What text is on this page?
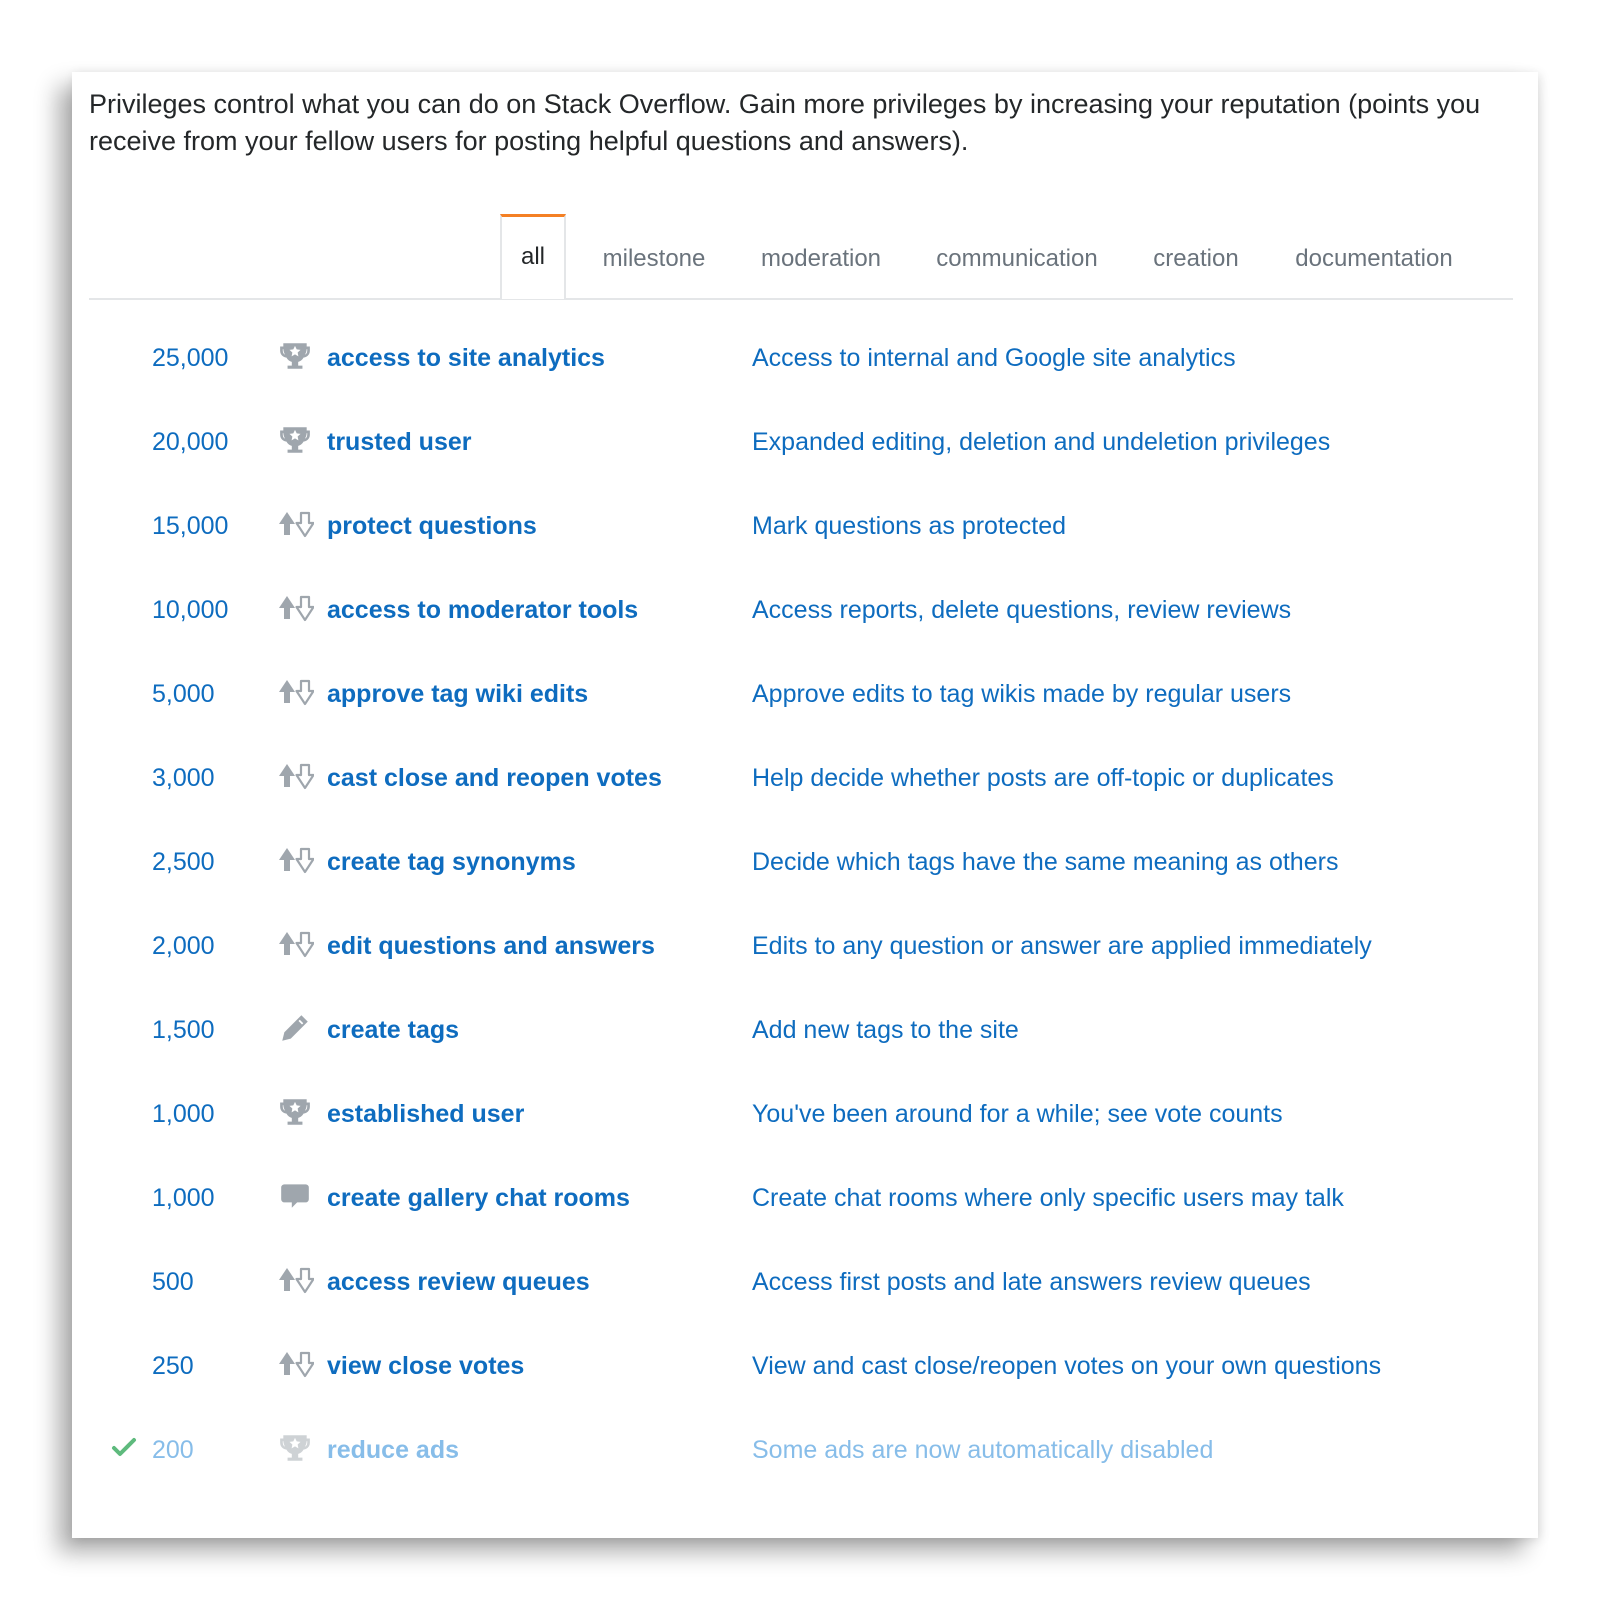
Privileges control what you can do on Stack Overflow. Gain more privileges by increasing your reputation (points you receive from your fellow users for posting helpful questions and answers).

all	milestone	moderation	communication	creation	documentation
25,000	access to site analytics	Access to internal and Google site analytics
20,000	trusted user	Expanded editing, deletion and undeletion privileges
15,000	protect questions	Mark questions as protected
10,000	access to moderator tools	Access reports, delete questions, review reviews
5,000	approve tag wiki edits	Approve edits to tag wikis made by regular users
3,000	cast close and reopen votes	Help decide whether posts are off-topic or duplicates
2,500	create tag synonyms	Decide which tags have the same meaning as others
2,000	edit questions and answers	Edits to any question or answer are applied immediately
1,500	create tags	Add new tags to the site
1,000	established user	You've been around for a while; see vote counts
1,000	create gallery chat rooms	Create chat rooms where only specific users may talk
500	access review queues	Access first posts and late answers review queues
250	view close votes	View and cast close/reopen votes on your own questions
200	reduce ads	Some ads are now automatically disabled
